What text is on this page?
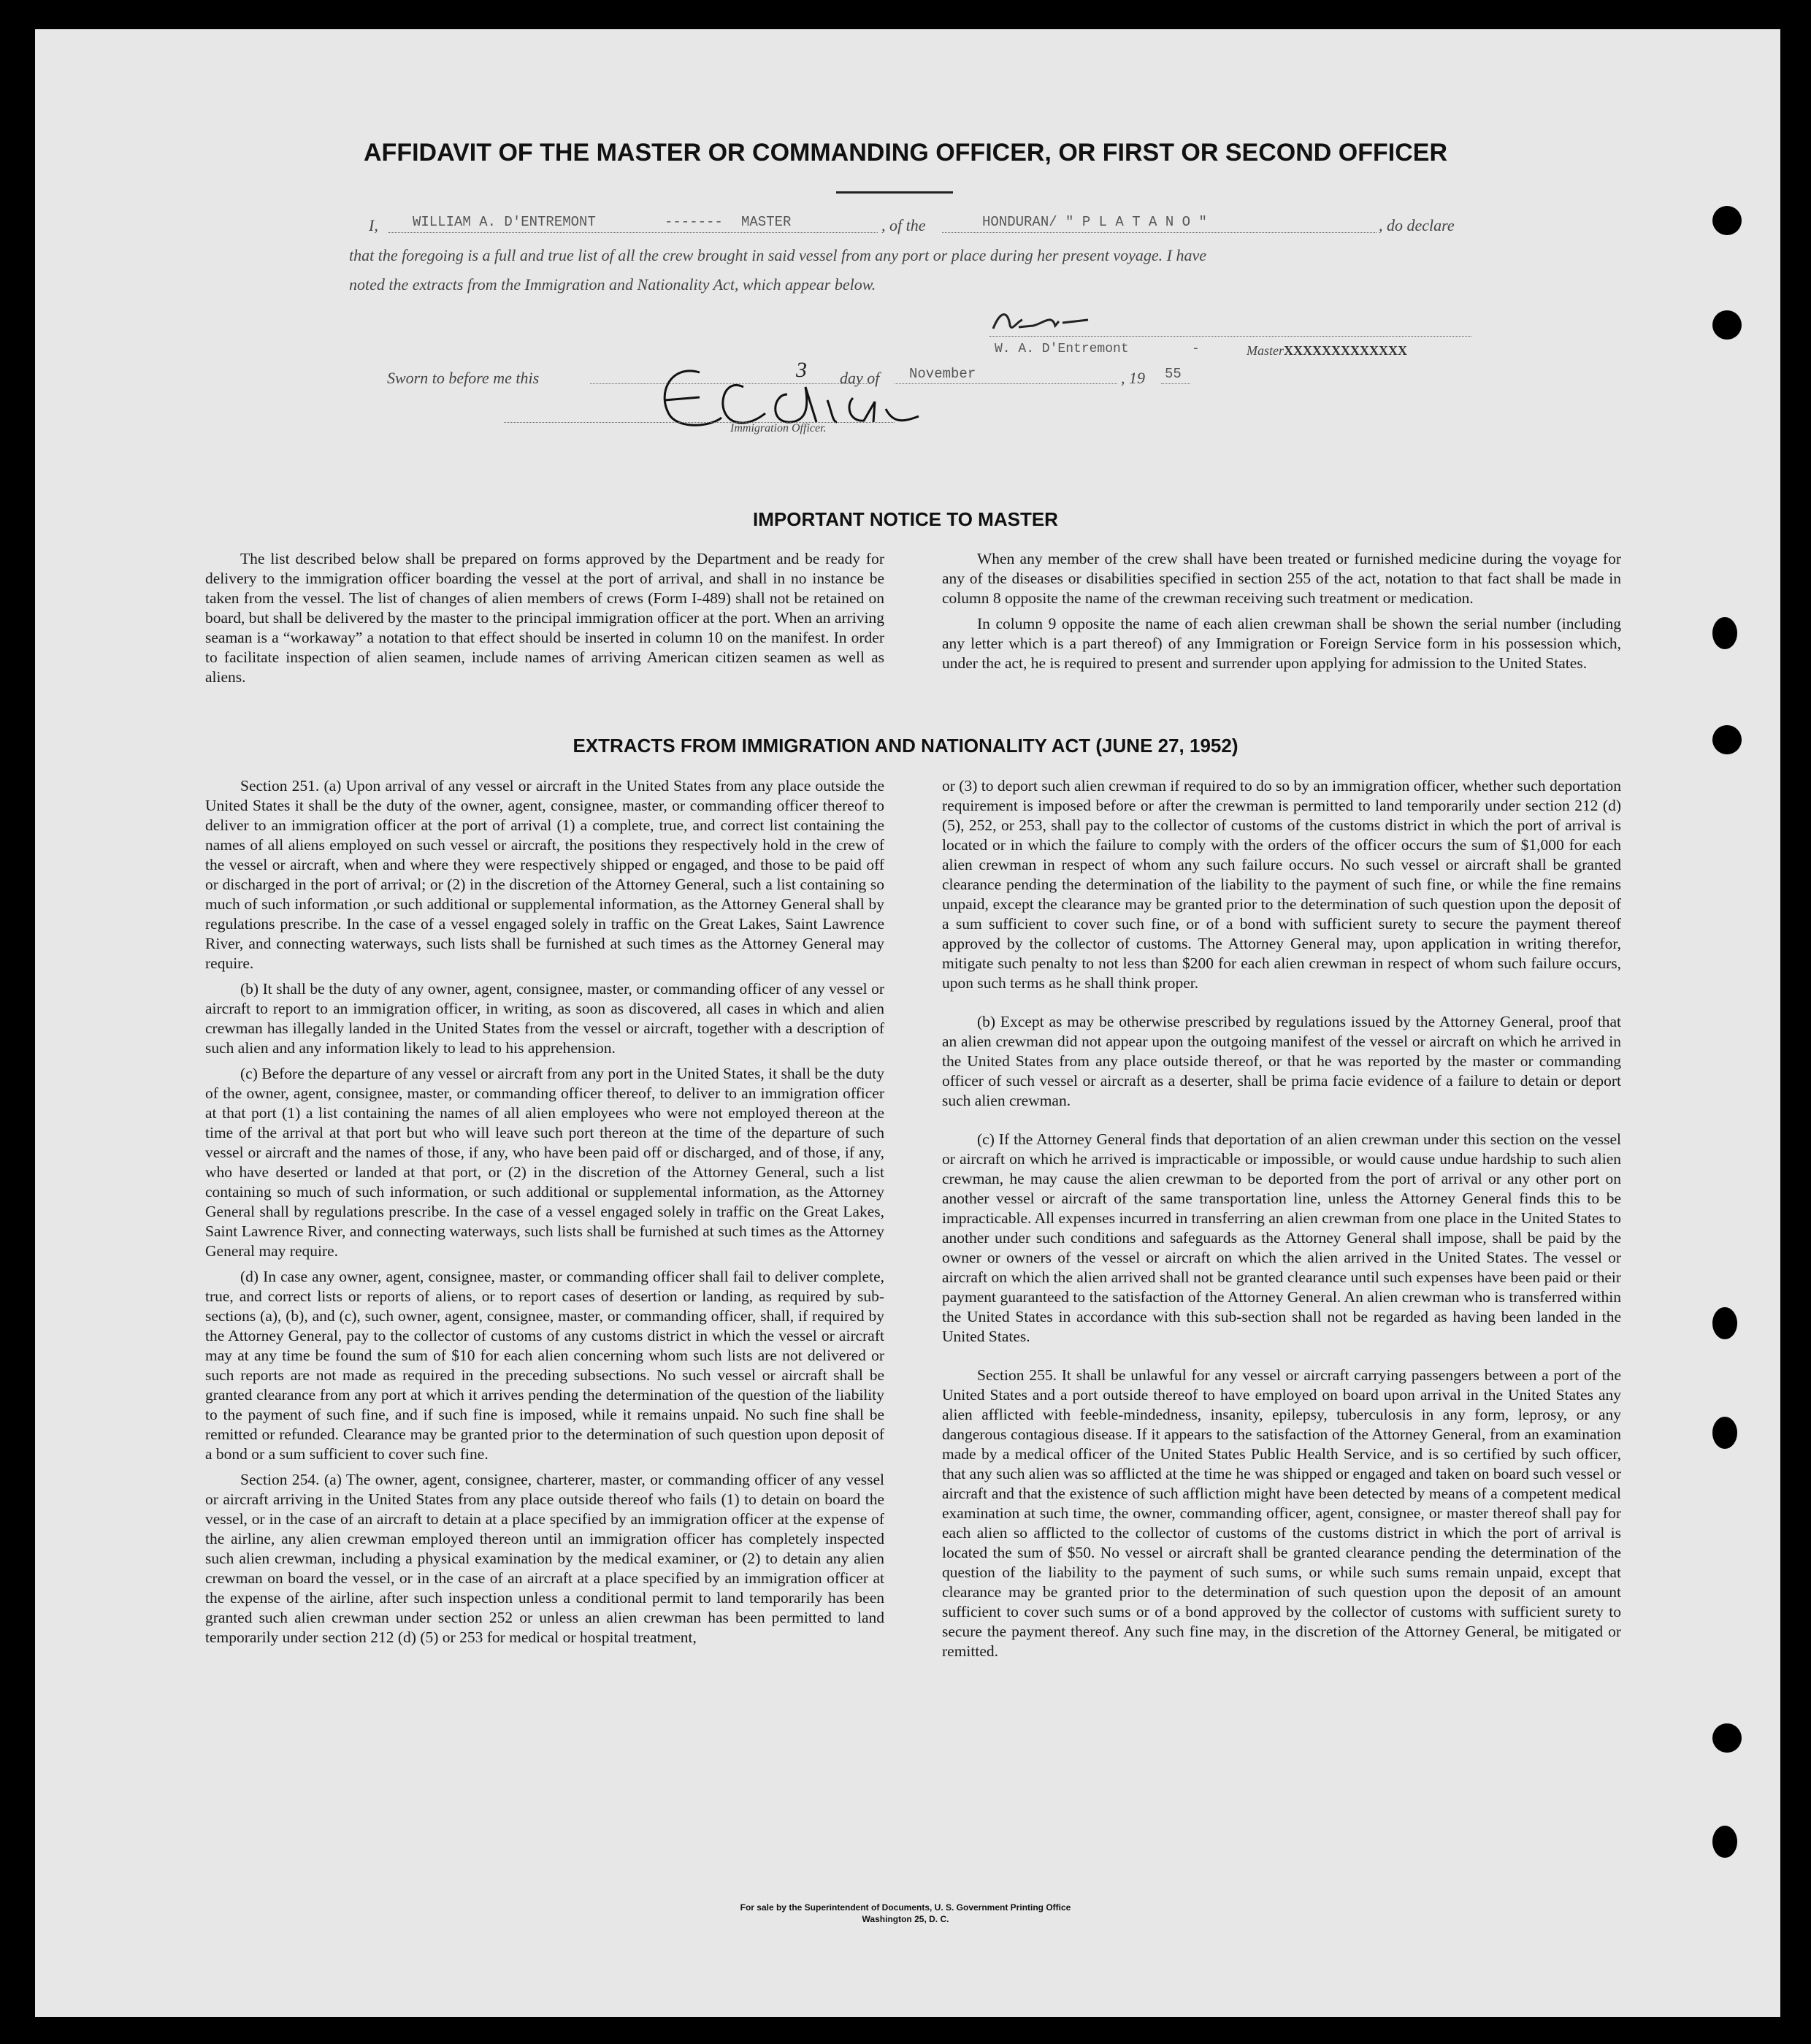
AFFIDAVIT OF THE MASTER OR COMMANDING OFFICER, OR FIRST OR SECOND OFFICER
I, WILLIAM A. D'ENTREMONT	------- MASTER	, of the	HONDURAN/ " P L A T A N O "	, do declare
that the foregoing is a full and true list of all the crew brought in said vessel from any port or place during her present voyage. I have
noted the extracts from the Immigration and Nationality Act, which appear below.
W. A. D'Entremont	-	MasterXXXXXXXXXXXXX
Sworn to before me this	3 day of November	, 19 55
Immigration Officer.
IMPORTANT NOTICE TO MASTER

The list described below shall be prepared on forms approved by the Department and be ready for delivery to the immigration officer boarding the vessel at the port of arrival, and shall in no instance be taken from the vessel. The list of changes of alien members of crews (Form I-489) shall not be retained on board, but shall be delivered by the master to the principal immigration officer at the port. When an arriving seaman is a “workaway” a notation to that effect should be inserted in column 10 on the manifest. In order to facilitate inspection of alien seamen, include names of arriving American citizen seamen as well as aliens.

When any member of the crew shall have been treated or furnished medicine during the voyage for any of the diseases or disabilities specified in section 255 of the act, notation to that fact shall be made in column 8 opposite the name of the crewman receiving such treatment or medication.

In column 9 opposite the name of each alien crewman shall be shown the serial number (including any letter which is a part thereof) of any Immigration or Foreign Service form in his possession which, under the act, he is required to present and surrender upon applying for admission to the United States.

EXTRACTS FROM IMMIGRATION AND NATIONALITY ACT (JUNE 27, 1952)

Section 251. (a) Upon arrival of any vessel or aircraft in the United States from any place outside the United States it shall be the duty of the owner, agent, consignee, master, or commanding officer thereof to deliver to an immigration officer at the port of arrival (1) a complete, true, and correct list containing the names of all aliens employed on such vessel or aircraft, the positions they respectively hold in the crew of the vessel or aircraft, when and where they were respectively shipped or engaged, and those to be paid off or discharged in the port of arrival; or (2) in the discretion of the Attorney General, such a list containing so much of such information ,or such additional or supplemental information, as the Attorney General shall by regulations prescribe. In the case of a vessel engaged solely in traffic on the Great Lakes, Saint Lawrence River, and connecting waterways, such lists shall be furnished at such times as the Attorney General may require.

(b) It shall be the duty of any owner, agent, consignee, master, or commanding officer of any vessel or aircraft to report to an immigration officer, in writing, as soon as discovered, all cases in which and alien crewman has illegally landed in the United States from the vessel or aircraft, together with a description of such alien and any information likely to lead to his apprehension.

(c) Before the departure of any vessel or aircraft from any port in the United States, it shall be the duty of the owner, agent, consignee, master, or commanding officer thereof, to deliver to an immigration officer at that port (1) a list containing the names of all alien employees who were not employed thereon at the time of the arrival at that port but who will leave such port thereon at the time of the departure of such vessel or aircraft and the names of those, if any, who have been paid off or discharged, and of those, if any, who have deserted or landed at that port, or (2) in the discretion of the Attorney General, such a list containing so much of such information, or such additional or supplemental information, as the Attorney General shall by regulations prescribe. In the case of a vessel engaged solely in traffic on the Great Lakes, Saint Lawrence River, and connecting waterways, such lists shall be furnished at such times as the Attorney General may require.

(d) In case any owner, agent, consignee, master, or commanding officer shall fail to deliver complete, true, and correct lists or reports of aliens, or to report cases of desertion or landing, as required by sub-sections (a), (b), and (c), such owner, agent, consignee, master, or commanding officer, shall, if required by the Attorney General, pay to the collector of customs of any customs district in which the vessel or aircraft may at any time be found the sum of $10 for each alien concerning whom such lists are not delivered or such reports are not made as required in the preceding subsections. No such vessel or aircraft shall be granted clearance from any port at which it arrives pending the determination of the question of the liability to the payment of such fine, and if such fine is imposed, while it remains unpaid. No such fine shall be remitted or refunded. Clearance may be granted prior to the determination of such question upon deposit of a bond or a sum sufficient to cover such fine.

Section 254. (a) The owner, agent, consignee, charterer, master, or commanding officer of any vessel or aircraft arriving in the United States from any place outside thereof who fails (1) to detain on board the vessel, or in the case of an aircraft to detain at a place specified by an immigration officer at the expense of the airline, any alien crewman employed thereon until an immigration officer has completely inspected such alien crewman, including a physical examination by the medical examiner, or (2) to detain any alien crewman on board the vessel, or in the case of an aircraft at a place specified by an immigration officer at the expense of the airline, after such inspection unless a conditional permit to land temporarily has been granted such alien crewman under section 252 or unless an alien crewman has been permitted to land temporarily under section 212 (d) (5) or 253 for medical or hospital treatment,

or (3) to deport such alien crewman if required to do so by an immigration officer, whether such deportation requirement is imposed before or after the crewman is permitted to land temporarily under section 212 (d) (5), 252, or 253, shall pay to the collector of customs of the customs district in which the port of arrival is located or in which the failure to comply with the orders of the officer occurs the sum of $1,000 for each alien crewman in respect of whom any such failure occurs. No such vessel or aircraft shall be granted clearance pending the determination of the liability to the payment of such fine, or while the fine remains unpaid, except the clearance may be granted prior to the determination of such question upon the deposit of a sum sufficient to cover such fine, or of a bond with sufficient surety to secure the payment thereof approved by the collector of customs. The Attorney General may, upon application in writing therefor, mitigate such penalty to not less than $200 for each alien crewman in respect of whom such failure occurs, upon such terms as he shall think proper.

(b) Except as may be otherwise prescribed by regulations issued by the Attorney General, proof that an alien crewman did not appear upon the outgoing manifest of the vessel or aircraft on which he arrived in the United States from any place outside thereof, or that he was reported by the master or commanding officer of such vessel or aircraft as a deserter, shall be prima facie evidence of a failure to detain or deport such alien crewman.

(c) If the Attorney General finds that deportation of an alien crewman under this section on the vessel or aircraft on which he arrived is impracticable or impossible, or would cause undue hardship to such alien crewman, he may cause the alien crewman to be deported from the port of arrival or any other port on another vessel or aircraft of the same transportation line, unless the Attorney General finds this to be impracticable. All expenses incurred in transferring an alien crewman from one place in the United States to another under such conditions and safeguards as the Attorney General shall impose, shall be paid by the owner or owners of the vessel or aircraft on which the alien arrived in the United States. The vessel or aircraft on which the alien arrived shall not be granted clearance until such expenses have been paid or their payment guaranteed to the satisfaction of the Attorney General. An alien crewman who is transferred within the United States in accordance with this sub-section shall not be regarded as having been landed in the United States.

Section 255. It shall be unlawful for any vessel or aircraft carrying passengers between a port of the United States and a port outside thereof to have employed on board upon arrival in the United States any alien afflicted with feeble-mindedness, insanity, epilepsy, tuberculosis in any form, leprosy, or any dangerous contagious disease. If it appears to the satisfaction of the Attorney General, from an examination made by a medical officer of the United States Public Health Service, and is so certified by such officer, that any such alien was so afflicted at the time he was shipped or engaged and taken on board such vessel or aircraft and that the existence of such affliction might have been detected by means of a competent medical examination at such time, the owner, commanding officer, agent, consignee, or master thereof shall pay for each alien so afflicted to the collector of customs of the customs district in which the port of arrival is located the sum of $50. No vessel or aircraft shall be granted clearance pending the determination of the question of the liability to the payment of such sums, or while such sums remain unpaid, except that clearance may be granted prior to the determination of such question upon the deposit of an amount sufficient to cover such sums or of a bond approved by the collector of customs with sufficient surety to secure the payment thereof. Any such fine may, in the discretion of the Attorney General, be mitigated or remitted.

For sale by the Superintendent of Documents, U. S. Government Printing Office
Washington 25, D. C.
